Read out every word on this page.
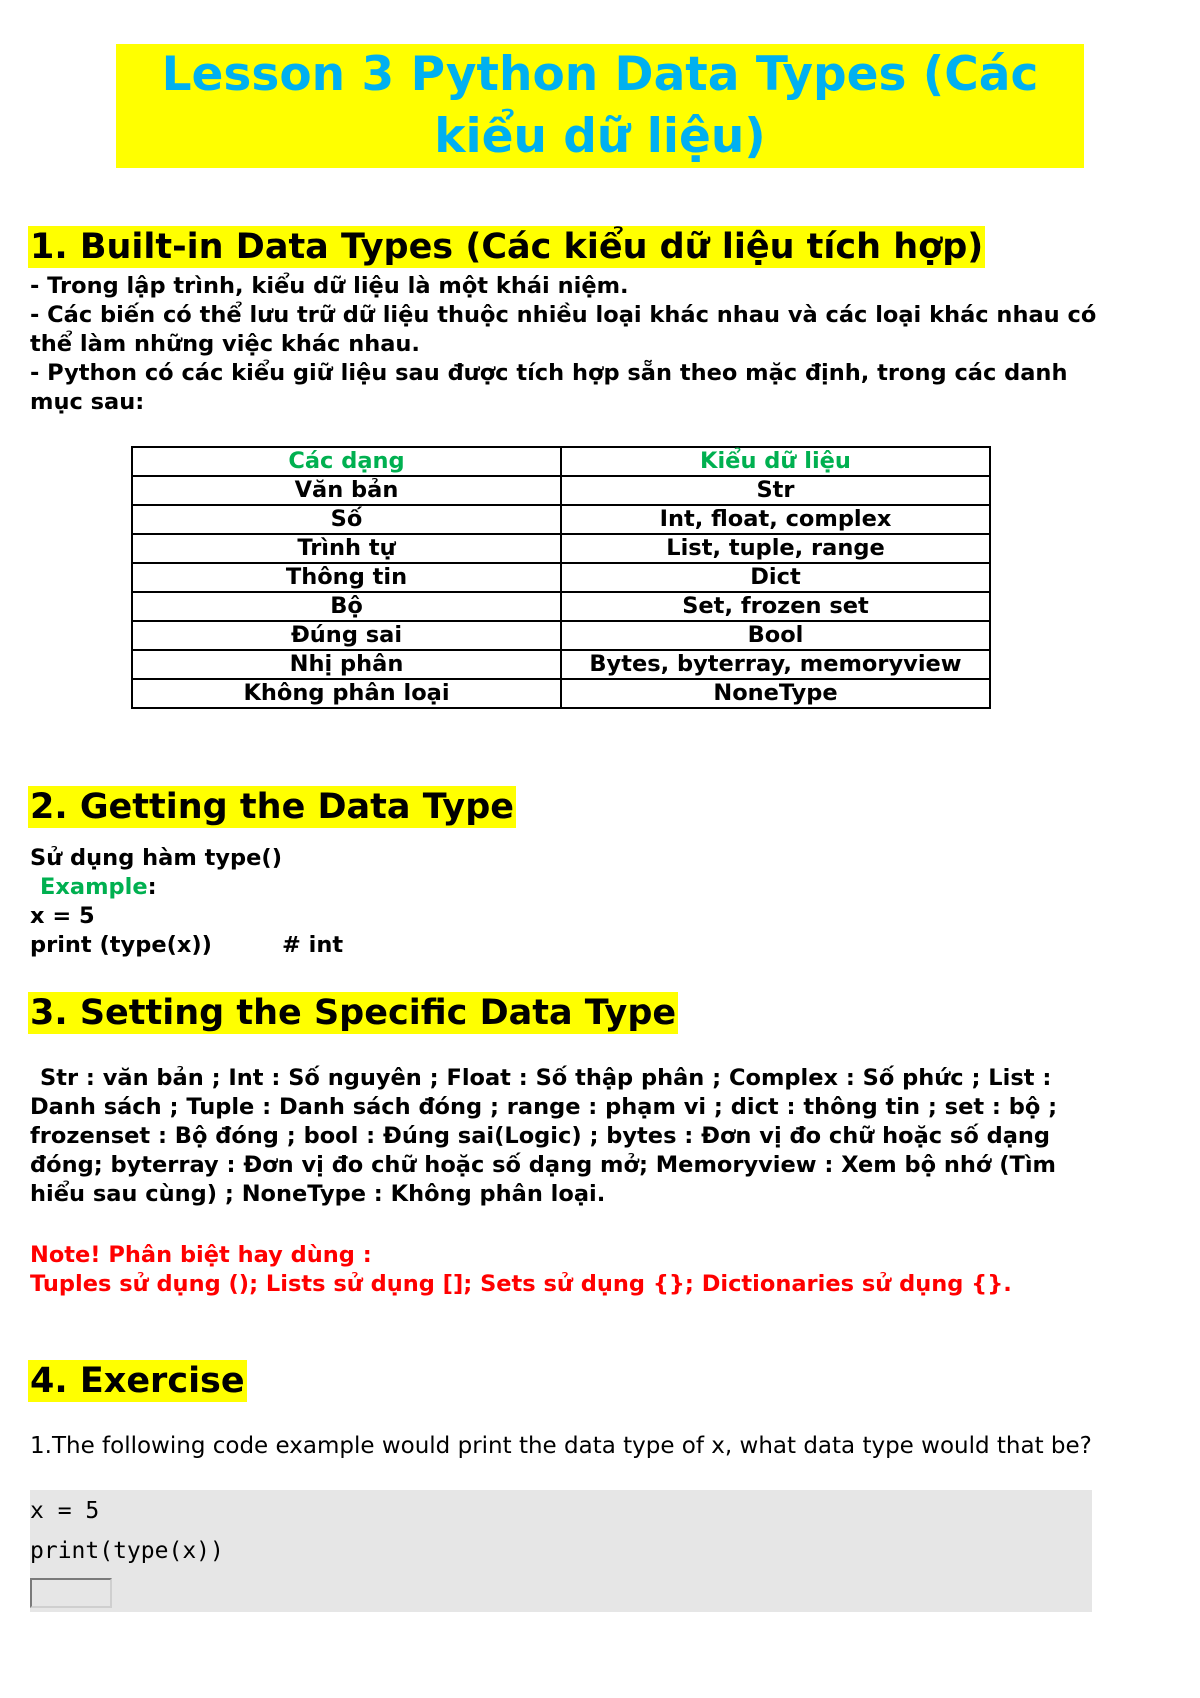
Lesson 3 Python Data Types (Các kiểu dữ liệu)
1. Built-in Data Types (Các kiểu dữ liệu tích hợp)
- Trong lập trình, kiểu dữ liệu là một khái niệm.
- Các biến có thể lưu trữ dữ liệu thuộc nhiều loại khác nhau và các loại khác nhau có thể làm những việc khác nhau.
- Python có các kiểu giữ liệu sau được tích hợp sẵn theo mặc định, trong các danh mục sau:
Các dạng	Kiểu dữ liệu
Văn bản	Str
Số	Int, float, complex
Trình tự	List, tuple, range
Thông tin	Dict
Bộ	Set, frozen set
Đúng sai	Bool
Nhị phân	Bytes, byterray, memoryview
Không phân loại	NoneType
2. Getting the Data Type
Sử dụng hàm type()
Example:
x = 5
print (type(x))	# int
3. Setting the Specific Data Type
Str : văn bản ; Int : Số nguyên ; Float : Số thập phân ; Complex : Số phức ; List : Danh sách ; Tuple : Danh sách đóng ; range : phạm vi ; dict : thông tin ; set : bộ ; frozenset : Bộ đóng ; bool : Đúng sai(Logic) ; bytes : Đơn vị đo chữ hoặc số dạng đóng; byterray : Đơn vị đo chữ hoặc số dạng mở; Memoryview : Xem bộ nhớ (Tìm hiểu sau cùng) ; NoneType : Không phân loại.
Note! Phân biệt hay dùng :
Tuples sử dụng (); Lists sử dụng []; Sets sử dụng {}; Dictionaries sử dụng {}.
4. Exercise
1.The following code example would print the data type of x, what data type would that be?
x = 5
print(type(x))
